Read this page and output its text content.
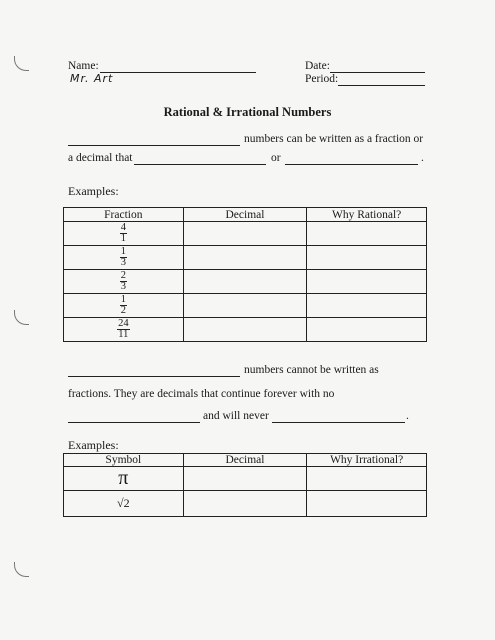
Name:
Mr. Art
Date:
Period:
Rational & Irrational Numbers
numbers can be written as a fraction or
a decimal that	or	.
Examples:
Fraction	Decimal	Why Rational?

$\frac{4}{1}$

$\frac{1}{3}$

$\frac{2}{3}$

$\frac{1}{2}$

$\frac{24}{11}$

numbers cannot be written as
fractions. They are decimals that continue forever with no
and will never	.
Examples:
Symbol	Decimal	Why Irrational?
π		
√2		
